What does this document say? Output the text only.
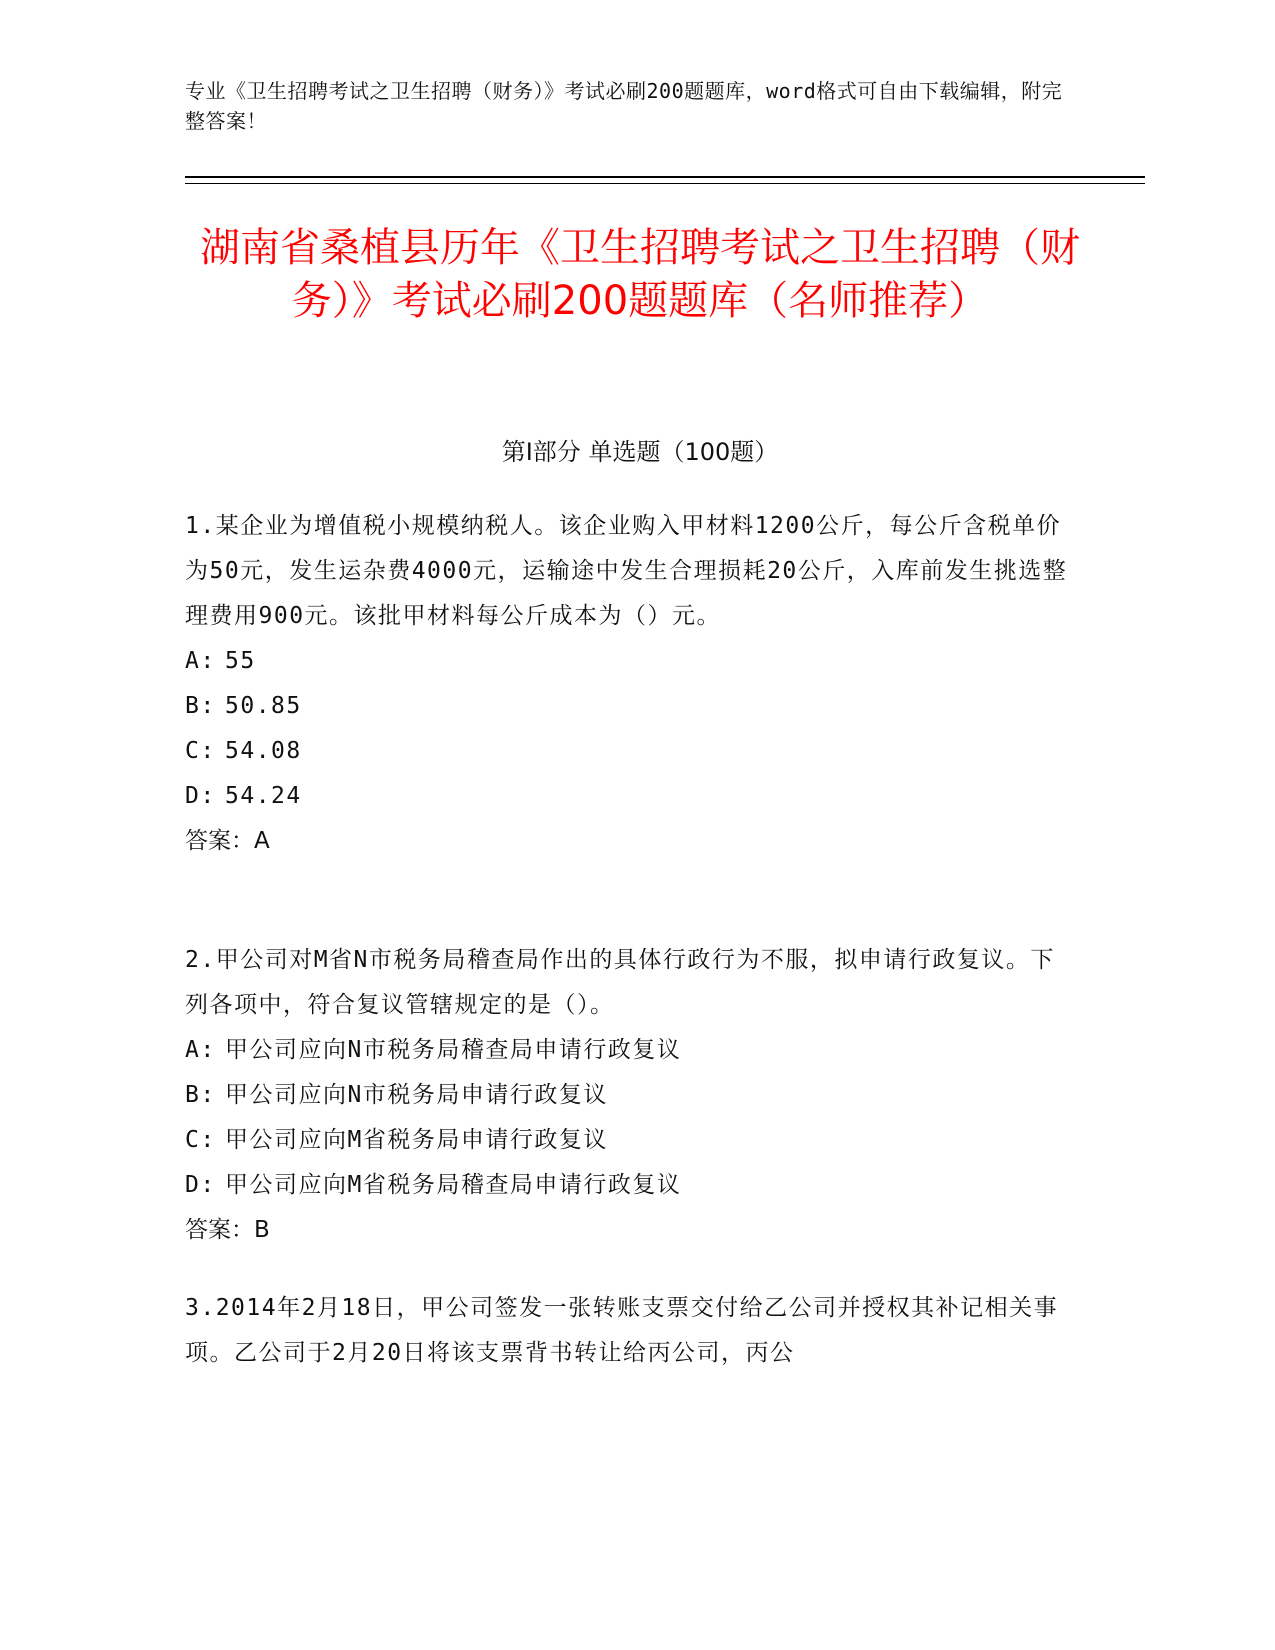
专业《卫生招聘考试之卫生招聘（财务）》考试必刷200题题库，word格式可自由下载编辑，附完整答案！
湖南省桑植县历年《卫生招聘考试之卫生招聘（财务）》考试必刷200题题库（名师推荐）
第I部分 单选题（100题）

1.某企业为增值税小规模纳税人。该企业购入甲材料1200公斤，每公斤含税单价为50元，发生运杂费4000元，运输途中发生合理损耗20公斤，入库前发生挑选整理费用900元。该批甲材料每公斤成本为（）元。

A: 55

B: 50.85

C: 54.08

D: 54.24

答案：A

2.甲公司对M省N市税务局稽查局作出的具体行政行为不服，拟申请行政复议。下列各项中，符合复议管辖规定的是（）。

A: 甲公司应向N市税务局稽查局申请行政复议

B: 甲公司应向N市税务局申请行政复议

C: 甲公司应向M省税务局申请行政复议

D: 甲公司应向M省税务局稽查局申请行政复议

答案：B

3.2014年2月18日，甲公司签发一张转账支票交付给乙公司并授权其补记相关事项。乙公司于2月20日将该支票背书转让给丙公司，丙公
